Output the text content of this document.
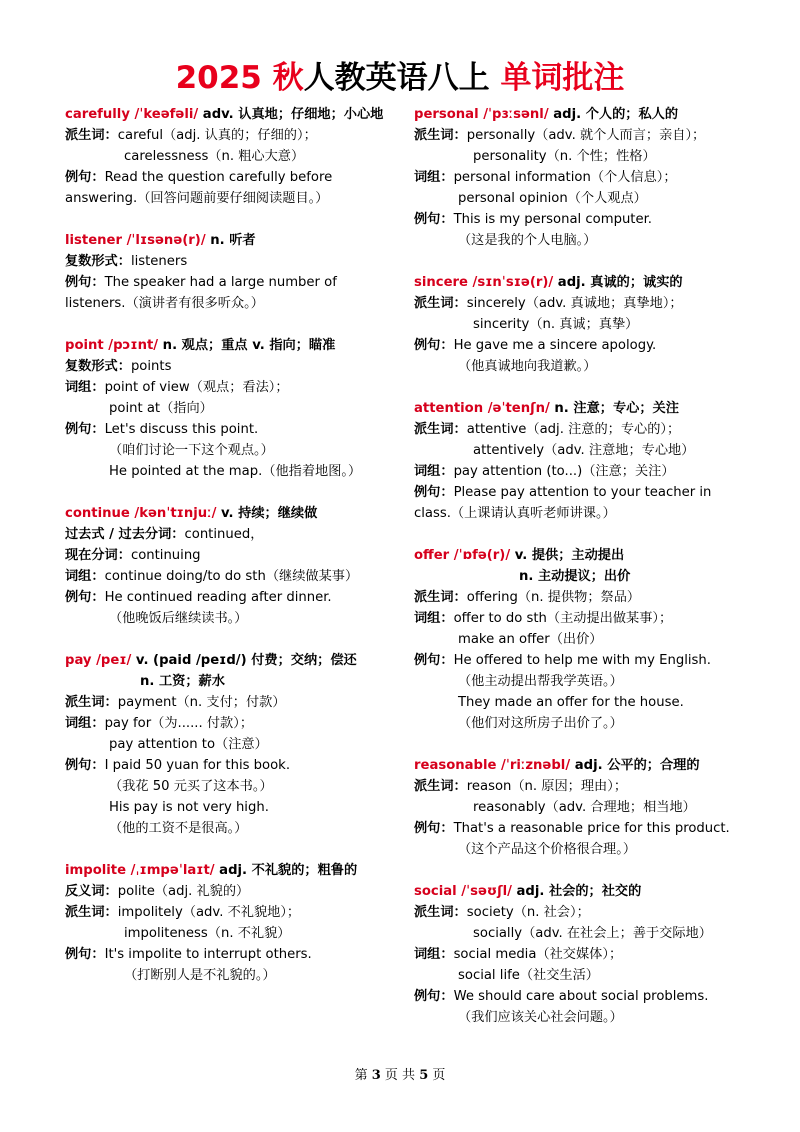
2025 秋人教英语八上 单词批注
carefully /ˈkeəfəli/ adv. 认真地；仔细地；小心地
派生词：careful（adj. 认真的；仔细的）；
carelessness（n. 粗心大意）
例句：Read the question carefully before
answering.（回答问题前要仔细阅读题目。）
listener /ˈlɪsənə(r)/ n. 听者
复数形式：listeners
例句：The speaker had a large number of
listeners.（演讲者有很多听众。）
point /pɔɪnt/ n. 观点；重点 v. 指向；瞄准
复数形式：points
词组：point of view（观点；看法）；
point at（指向）
例句：Let's discuss this point.
（咱们讨论一下这个观点。）
He pointed at the map.（他指着地图。）
continue /kənˈtɪnjuː/ v. 持续；继续做
过去式 / 过去分词：continued，
现在分词：continuing
词组：continue doing/to do sth（继续做某事）
例句：He continued reading after dinner.
（他晚饭后继续读书。）
pay /peɪ/ v. (paid /peɪd/) 付费；交纳；偿还
n. 工资；薪水
派生词：payment（n. 支付；付款）
词组：pay for（为...... 付款）；
pay attention to（注意）
例句：I paid 50 yuan for this book.
（我花 50 元买了这本书。）
His pay is not very high.
（他的工资不是很高。）
impolite /ˌɪmpəˈlaɪt/ adj. 不礼貌的；粗鲁的
反义词：polite（adj. 礼貌的）
派生词：impolitely（adv. 不礼貌地）；
impoliteness（n. 不礼貌）
例句：It's impolite to interrupt others.
（打断别人是不礼貌的。）
personal /ˈpɜːsənl/ adj. 个人的；私人的
派生词：personally（adv. 就个人而言；亲自）；
personality（n. 个性；性格）
词组：personal information（个人信息）；
personal opinion（个人观点）
例句：This is my personal computer.
（这是我的个人电脑。）
sincere /sɪnˈsɪə(r)/ adj. 真诚的；诚实的
派生词：sincerely（adv. 真诚地；真挚地）；
sincerity（n. 真诚；真挚）
例句：He gave me a sincere apology.
（他真诚地向我道歉。）
attention /əˈtenʃn/ n. 注意；专心；关注
派生词：attentive（adj. 注意的；专心的）；
attentively（adv. 注意地；专心地）
词组：pay attention (to...)（注意；关注）
例句：Please pay attention to your teacher in
class.（上课请认真听老师讲课。）
offer /ˈɒfə(r)/ v. 提供；主动提出
n. 主动提议；出价
派生词：offering（n. 提供物；祭品）
词组：offer to do sth（主动提出做某事）；
make an offer（出价）
例句：He offered to help me with my English.
（他主动提出帮我学英语。）
They made an offer for the house.
（他们对这所房子出价了。）
reasonable /ˈriːznəbl/ adj. 公平的；合理的
派生词：reason（n. 原因；理由）；
reasonably（adv. 合理地；相当地）
例句：That's a reasonable price for this product.
（这个产品这个价格很合理。）
social /ˈsəʊʃl/ adj. 社会的；社交的
派生词：society（n. 社会）；
socially（adv. 在社会上；善于交际地）
词组：social media（社交媒体）；
social life（社交生活）
例句：We should care about social problems.
（我们应该关心社会问题。）
第 3 页 共 5 页
